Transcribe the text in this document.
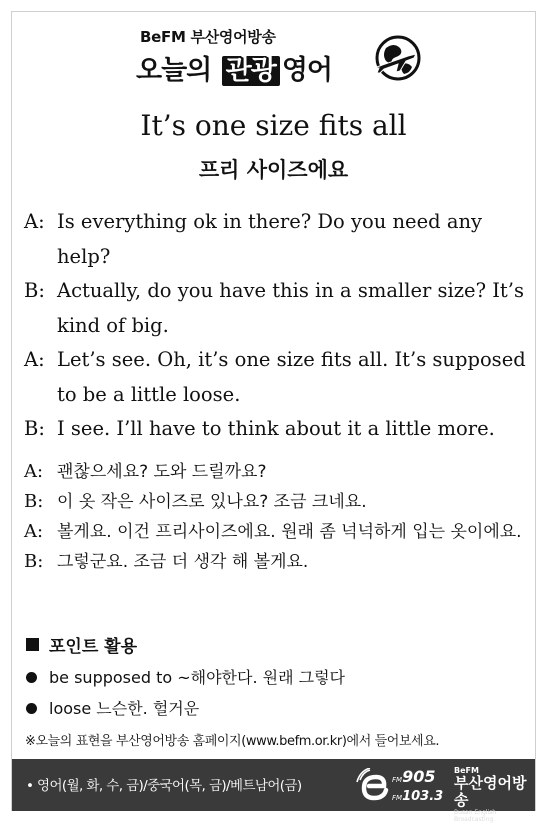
BeFM 부산영어방송
오늘의 관광 영어
It’s one size fits all
프리 사이즈에요
A: Is everything ok in there? Do you need any help?
B: Actually, do you have this in a smaller size? It’s kind of big.
A: Let’s see. Oh, it’s one size fits all. It’s supposed to be a little loose.
B: I see. I’ll have to think about it a little more.
A: 괜찮으세요? 도와 드릴까요?
B: 이 옷 작은 사이즈로 있나요? 조금 크네요.
A: 볼게요. 이건 프리사이즈에요. 원래 좀 넉넉하게 입는 옷이에요.
B: 그렇군요. 조금 더 생각 해 볼게요.
포인트 활용
be supposed to ~해야한다. 원래 그렇다
loose 느슨한. 헐거운
※오늘의 표현을 부산영어방송 홈페이지(www.befm.or.kr)에서 들어보세요.
• 영어(월, 화, 수, 금)/중국어(목, 금)/베트남어(금)	FM905
FM103.3
BeFM
부산영어방송
Busan English Broadcasting
